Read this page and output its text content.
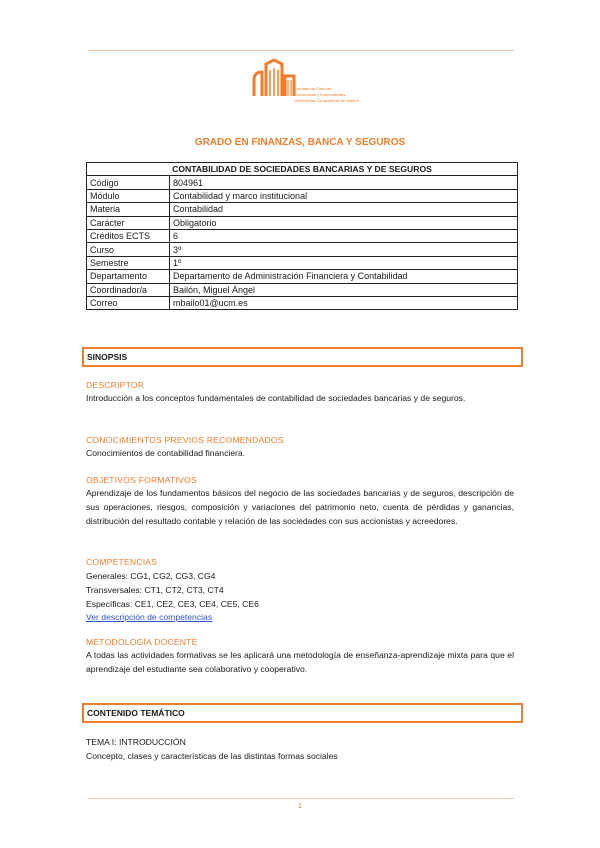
Facultad de Ciencias
Económicas y Empresariales
Universidad Complutense de Madrid
GRADO EN FINANZAS, BANCA Y SEGUROS
CONTABILIDAD DE SOCIEDADES BANCARIAS Y DE SEGUROS	
Código	804961
Módulo	Contabilidad y marco institucional
Materia	Contabilidad
Carácter	Obligatorio
Créditos ECTS	6
Curso	3º
Semestre	1º
Departamento	Departamento de Administración Financiera y Contabilidad
Coordinador/a	Bailón, Miguel Ángel
Correo	mbailo01@ucm.es
SINOPSIS
DESCRIPTOR
Introducción a los conceptos fundamentales de contabilidad de sociedades bancarias y de seguros.
CONOCIMIENTOS PREVIOS RECOMENDADOS
Conocimientos de contabilidad financiera.
OBJETIVOS FORMATIVOS
Aprendizaje de los fundamentos básicos del negocio de las sociedades bancarias y de seguros, descripción de sus operaciones, riesgos, composición y variaciones del patrimonio neto, cuenta de pérdidas y ganancias, distribución del resultado contable y relación de las sociedades con sus accionistas y acreedores.
COMPETENCIAS
Generales: CG1, CG2, CG3, CG4
Transversales: CT1, CT2, CT3, CT4
Específicas: CE1, CE2, CE3, CE4, CE5, CE6
Ver descripción de competencias
METODOLOGÍA DOCENTE
A todas las actividades formativas se les aplicará una metodología de enseñanza-aprendizaje mixta para que el aprendizaje del estudiante sea colaborativo y cooperativo.
CONTENIDO TEMÁTICO
TEMA I: INTRODUCCIÓN
Concepto, clases y características de las distintas formas sociales
1
